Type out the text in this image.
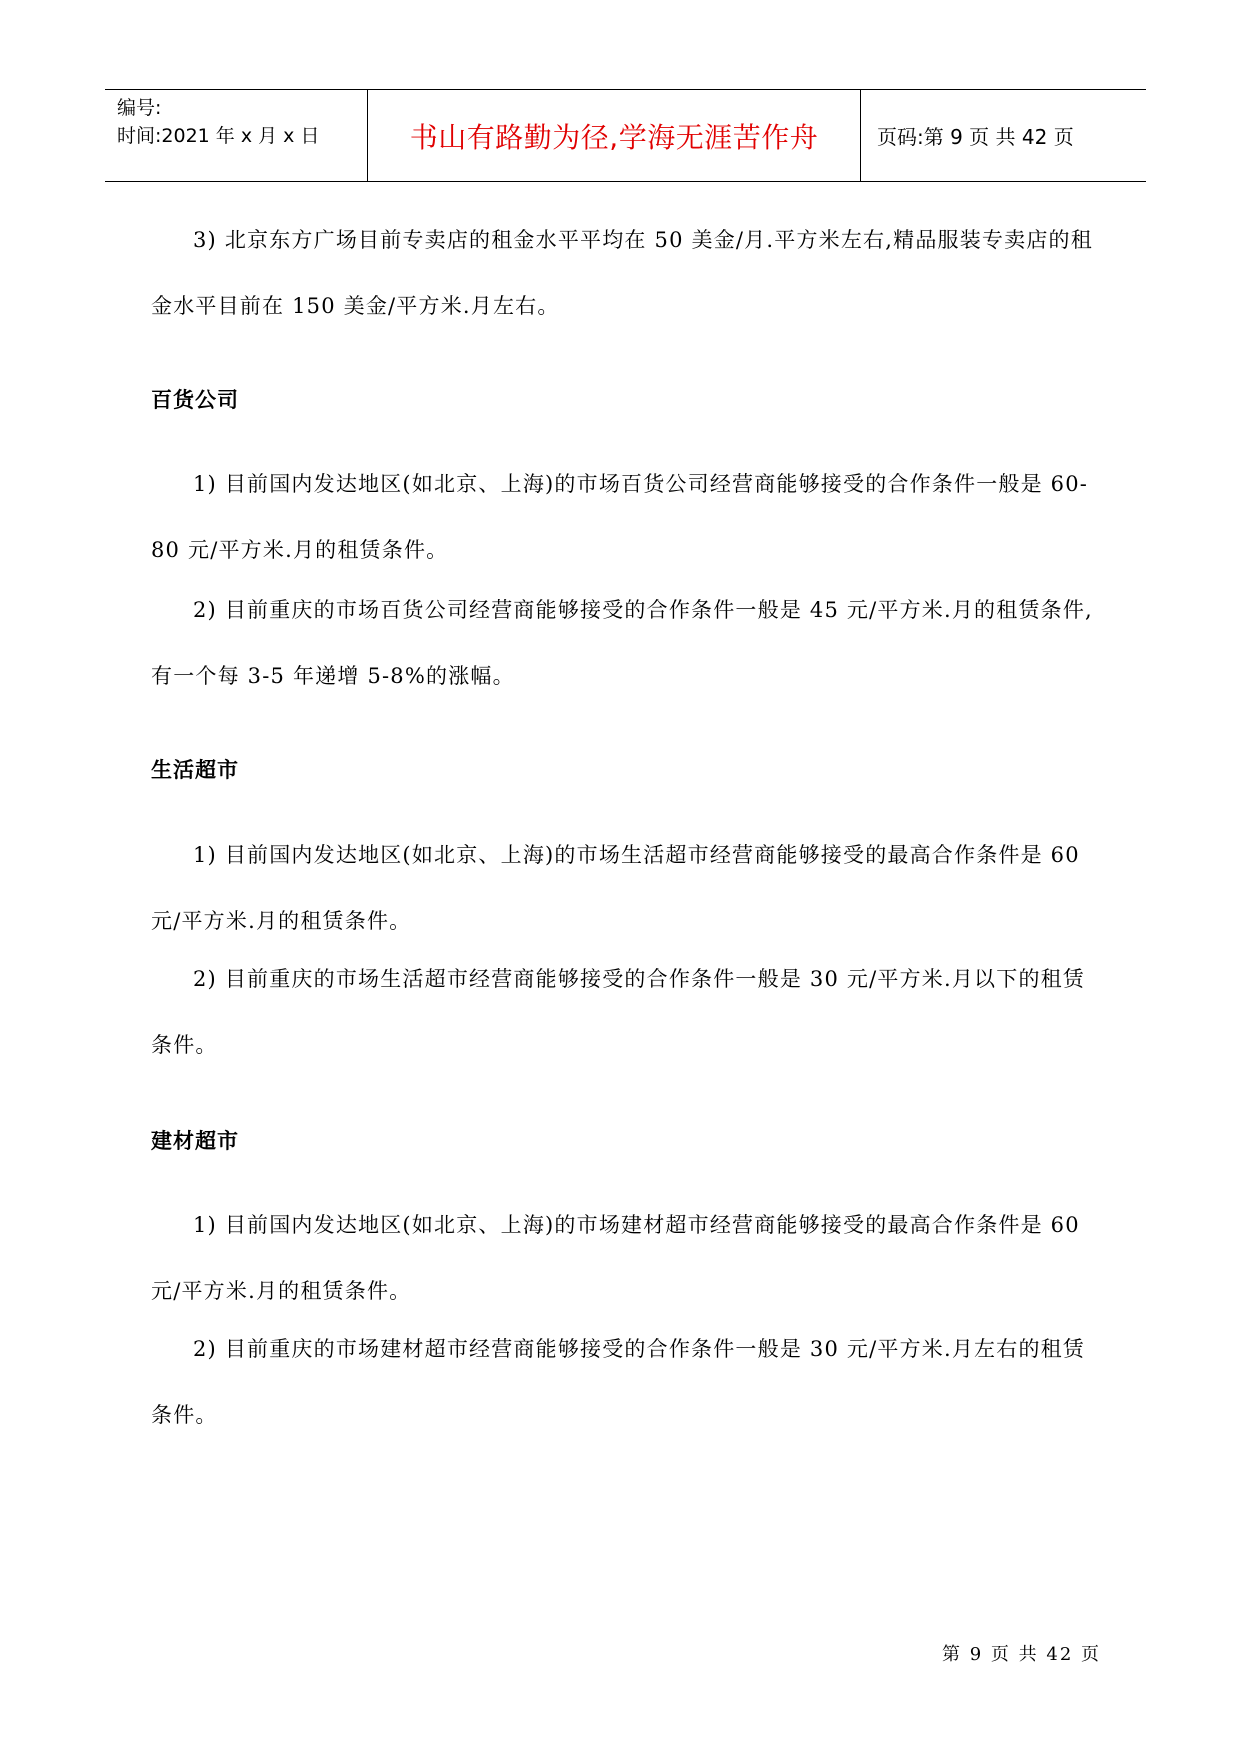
编号:
时间:2021 年 x 月 x 日	书山有路勤为径,学海无涯苦作舟	页码:第 9 页 共 42 页
3) 北京东方广场目前专卖店的租金水平平均在 50 美金/月.平方米左右,精品服装专卖店的租金水平目前在 150 美金/平方米.月左右。
百货公司
1) 目前国内发达地区(如北京、上海)的市场百货公司经营商能够接受的合作条件一般是 60-80 元/平方米.月的租赁条件。
2) 目前重庆的市场百货公司经营商能够接受的合作条件一般是 45 元/平方米.月的租赁条件,有一个每 3-5 年递增 5-8%的涨幅。
生活超市
1) 目前国内发达地区(如北京、上海)的市场生活超市经营商能够接受的最高合作条件是 60 元/平方米.月的租赁条件。
2) 目前重庆的市场生活超市经营商能够接受的合作条件一般是 30 元/平方米.月以下的租赁条件。
建材超市
1) 目前国内发达地区(如北京、上海)的市场建材超市经营商能够接受的最高合作条件是 60 元/平方米.月的租赁条件。
2) 目前重庆的市场建材超市经营商能够接受的合作条件一般是 30 元/平方米.月左右的租赁条件。
第 9 页 共 42 页
